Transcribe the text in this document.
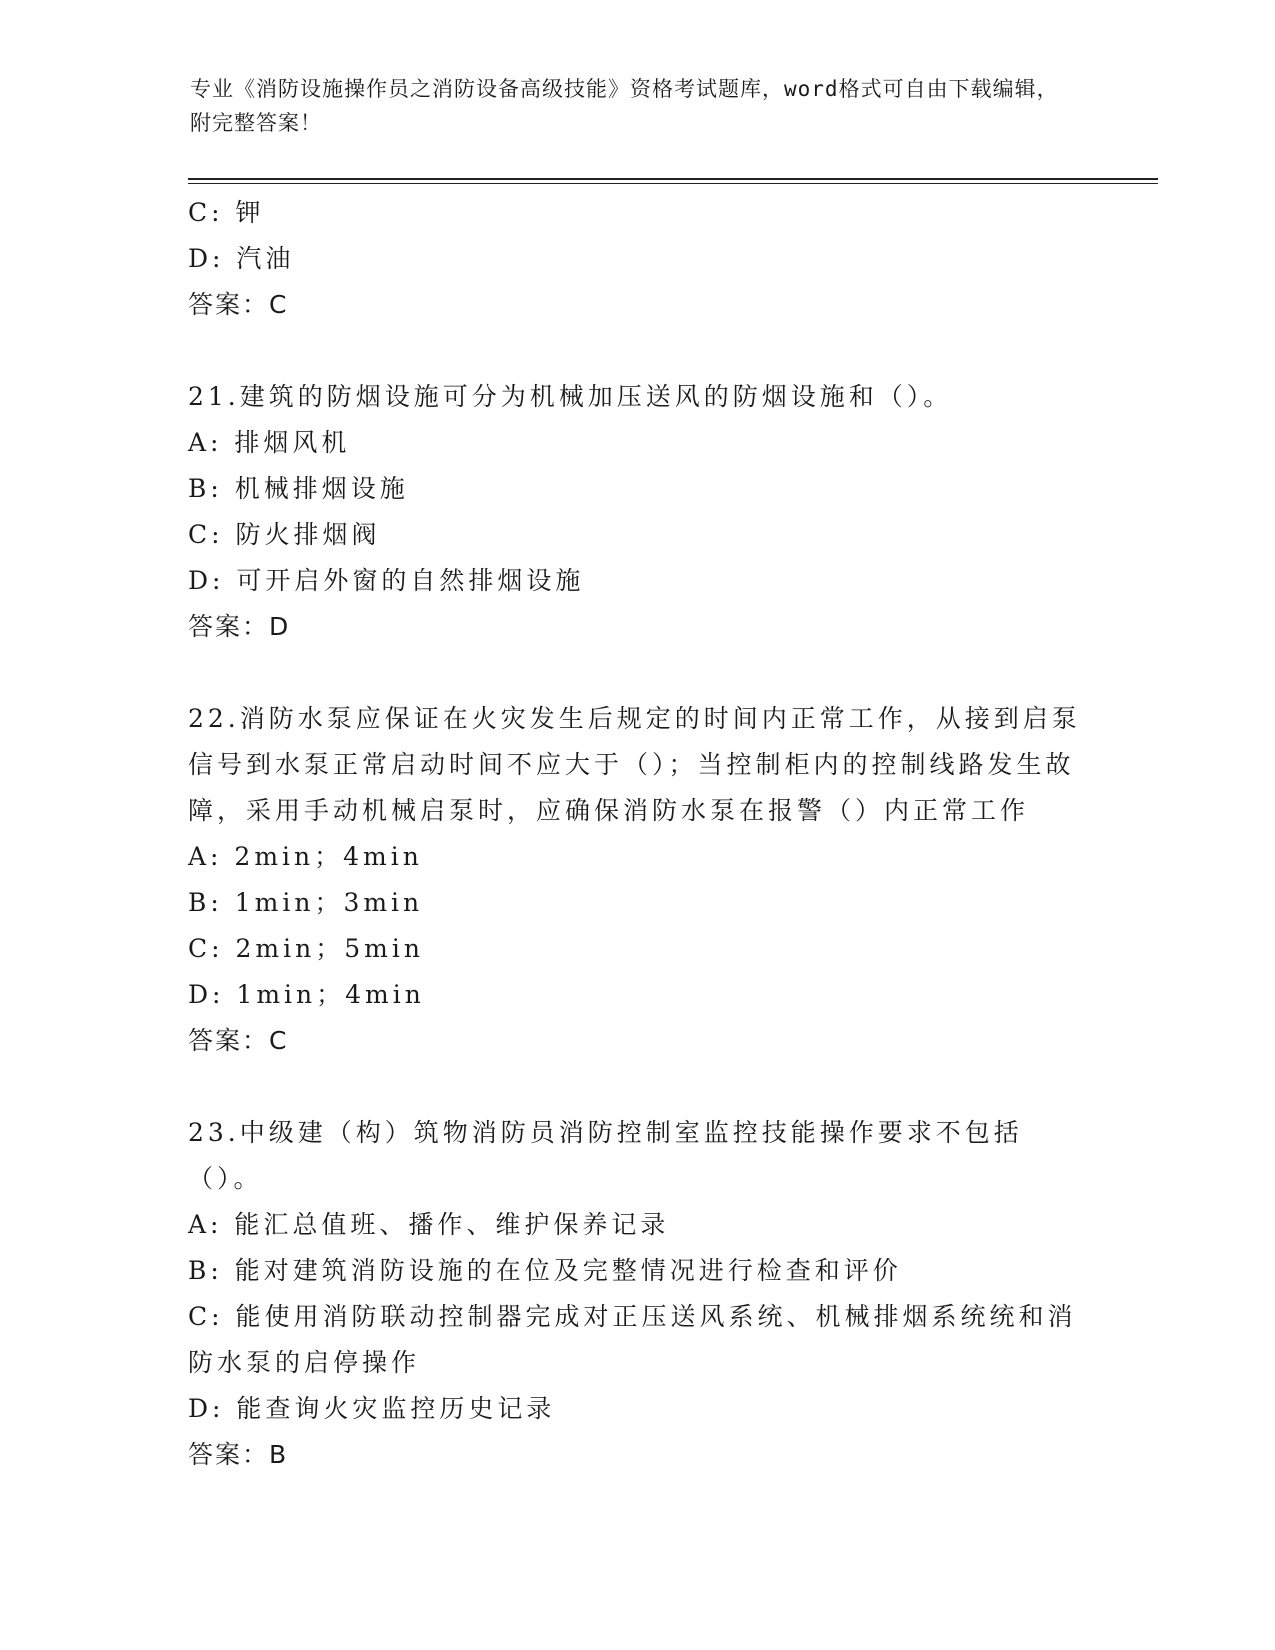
专业《消防设施操作员之消防设备高级技能》资格考试题库，word格式可自由下载编辑，附完整答案！
C: 钾
D: 汽油
答案：C
21.建筑的防烟设施可分为机械加压送风的防烟设施和（）。
A: 排烟风机
B: 机械排烟设施
C: 防火排烟阀
D: 可开启外窗的自然排烟设施
答案：D
22.消防水泵应保证在火灾发生后规定的时间内正常工作，从接到启泵信号到水泵正常启动时间不应大于（）；当控制柜内的控制线路发生故障，采用手动机械启泵时，应确保消防水泵在报警（）内正常工作
A: 2min；4min
B: 1min；3min
C: 2min；5min
D: 1min；4min
答案：C
23.中级建（构）筑物消防员消防控制室监控技能操作要求不包括（）。
A: 能汇总值班、播作、维护保养记录
B: 能对建筑消防设施的在位及完整情况进行检查和评价
C: 能使用消防联动控制器完成对正压送风系统、机械排烟系统统和消防水泵的启停操作
D: 能查询火灾监控历史记录
答案：B
